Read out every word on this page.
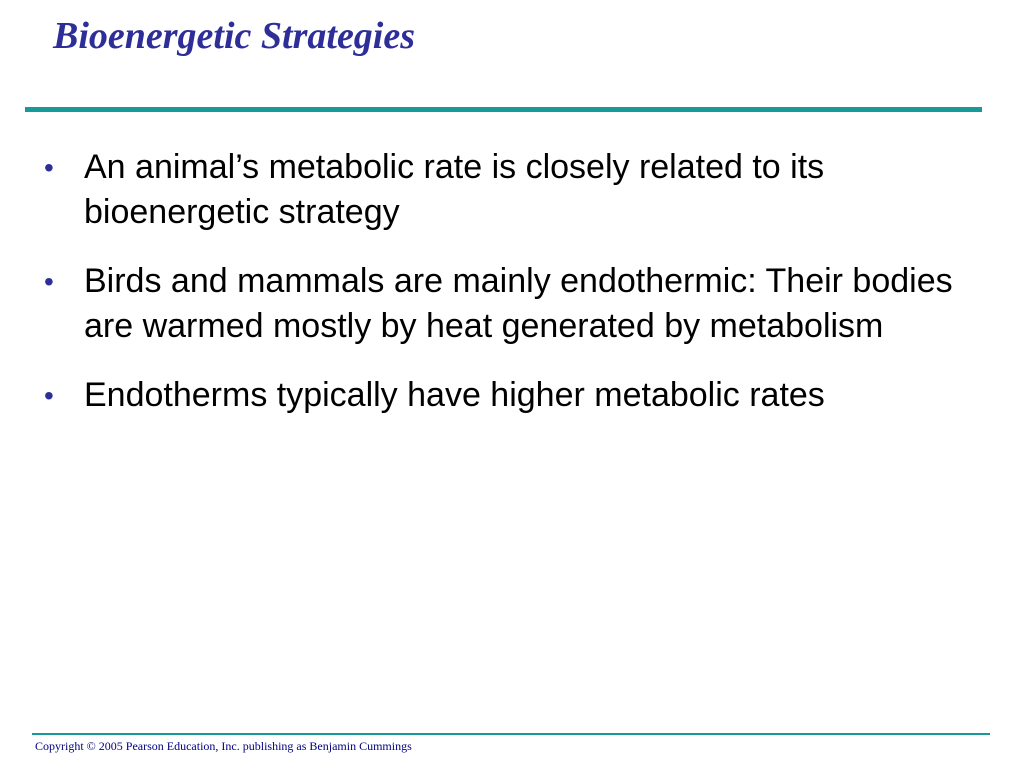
Bioenergetic Strategies
• An animal’s metabolic rate is closely related to its bioenergetic strategy
• Birds and mammals are mainly endothermic: Their bodies are warmed mostly by heat generated by metabolism
• Endotherms typically have higher metabolic rates

Copyright © 2005 Pearson Education, Inc. publishing as Benjamin Cummings
